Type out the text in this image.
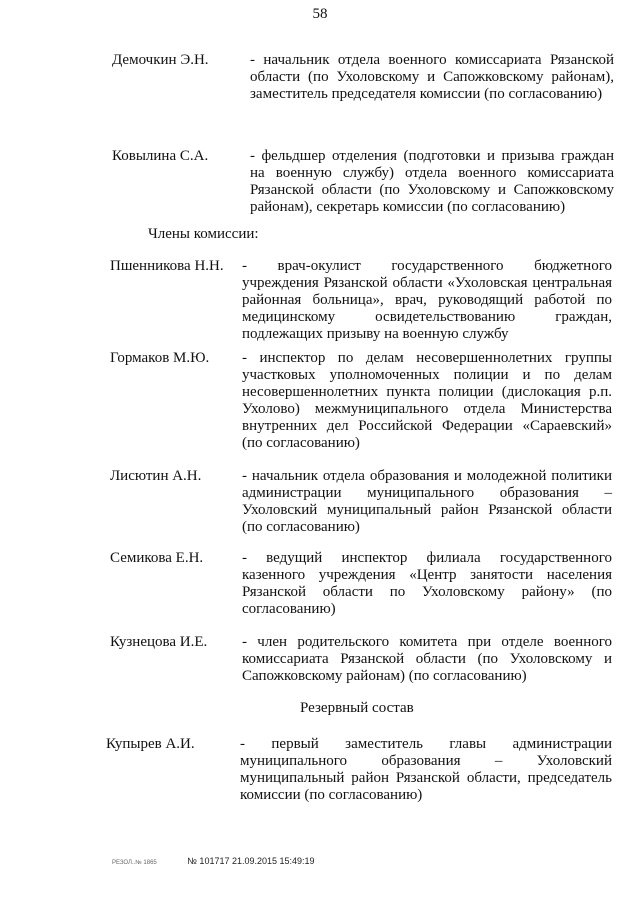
58
Демочкин Э.Н.	- начальник отдела военного комиссариата Рязанской области (по Ухоловскому и Сапожковскому районам), заместитель председателя комиссии (по согласованию)
Ковылина С.А.	- фельдшер отделения (подготовки и призыва граждан на военную службу) отдела военного комиссариата Рязанской области (по Ухоловскому и Сапожковскому районам), секретарь комиссии (по согласованию)
Члены комиссии:
Пшенникова Н.Н. - врач-окулист государственного бюджетного учреждения Рязанской области «Ухоловская центральная районная больница», врач, руководящий работой по медицинскому освидетельствованию граждан, подлежащих призыву на военную службу
Гормаков М.Ю. - инспектор по делам несовершеннолетних группы участковых уполномоченных полиции и по делам несовершеннолетних пункта полиции (дислокация р.п. Ухолово) межмуниципального отдела Министерства внутренних дел Российской Федерации «Сараевский» (по согласованию)
Лисютин А.Н.	- начальник отдела образования и молодежной политики администрации муниципального образования – Ухоловский муниципальный район Рязанской области (по согласованию)
Семикова Е.Н.	- ведущий инспектор филиала государственного казенного учреждения «Центр занятости населения Рязанской области по Ухоловскому району» (по согласованию)
Кузнецова И.Е. - член родительского комитета при отделе военного комиссариата Рязанской области (по Ухоловскому и Сапожковскому районам) (по согласованию)
Резервный состав
Купырев А.И.	- первый заместитель главы администрации муниципального образования – Ухоловский муниципальный район Рязанской области, председатель комиссии (по согласованию)
РЕЗОЛ..№ 1865	№ 101717 21.09.2015 15:49:19
